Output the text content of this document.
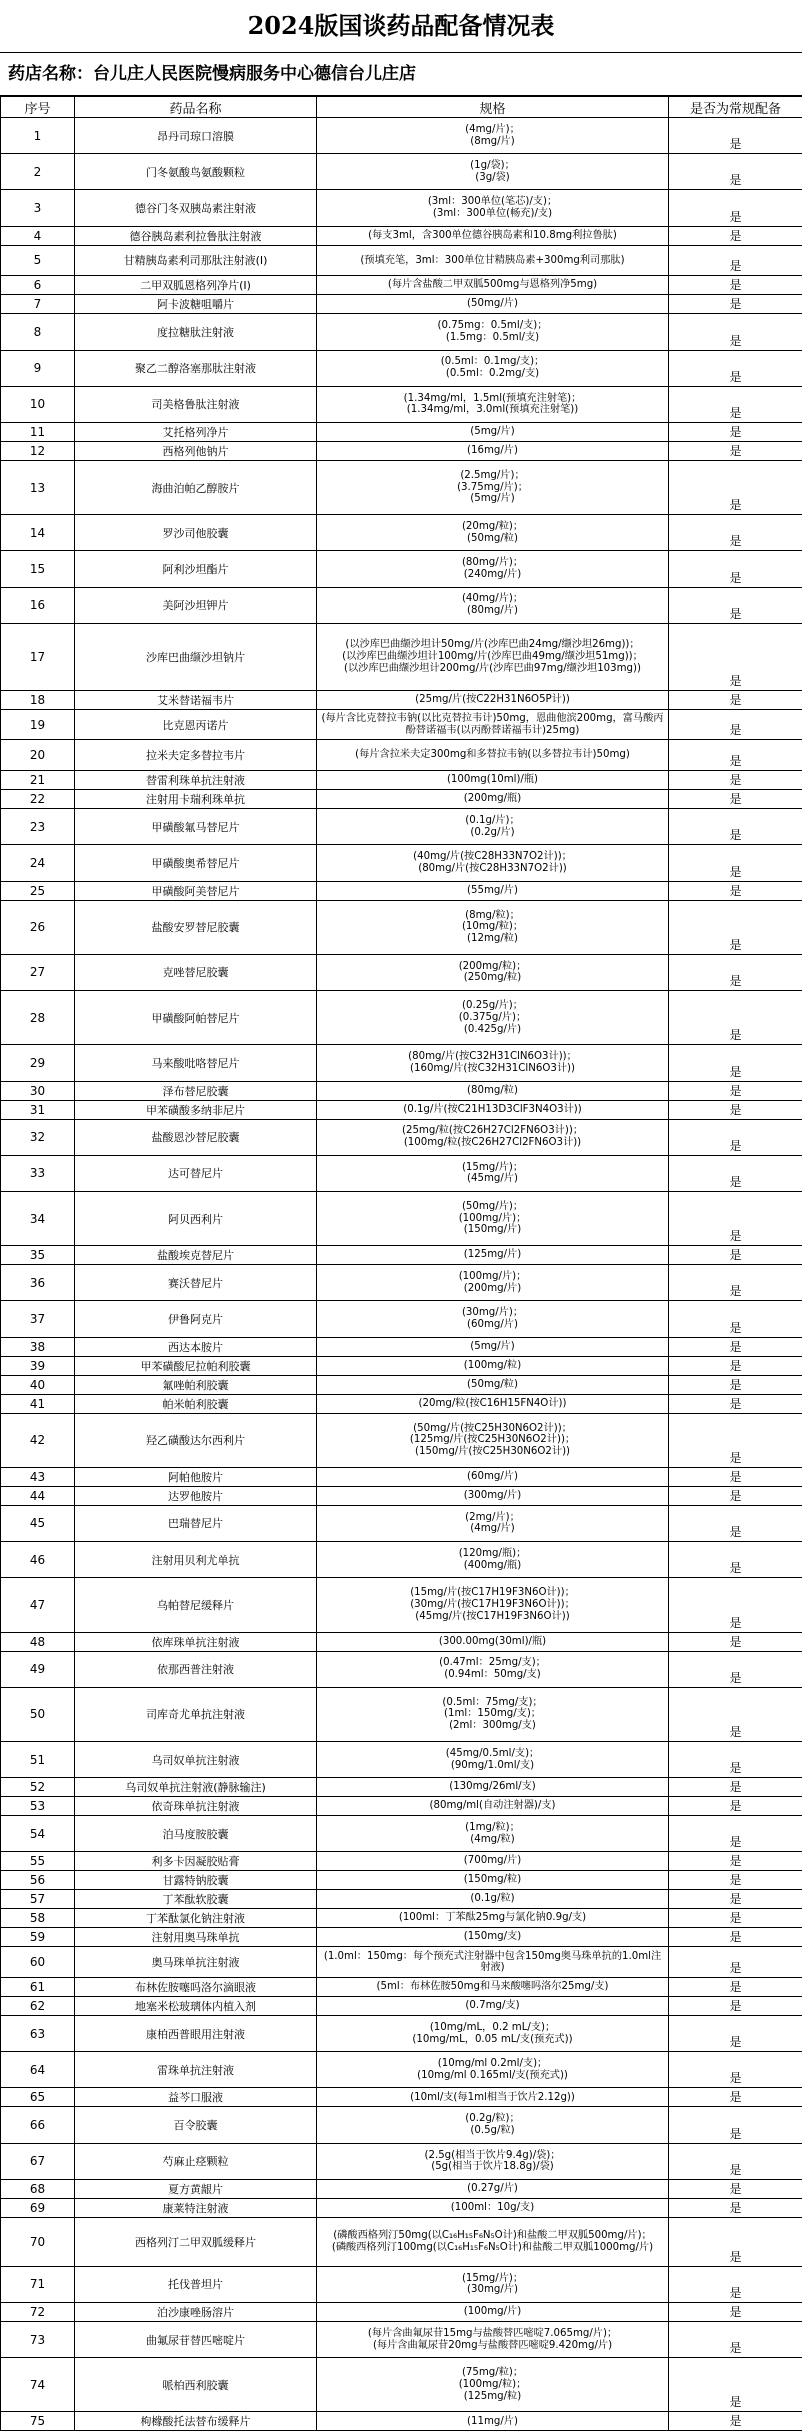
2024版国谈药品配备情况表
药店名称：台儿庄人民医院慢病服务中心德信台儿庄店
序号	药品名称	规格	是否为常规配备
1	昂丹司琼口溶膜	(4mg/片)；
(8mg/片)	是
2	门冬氨酸鸟氨酸颗粒	(1g/袋)；
(3g/袋)	是
3	德谷门冬双胰岛素注射液	(3ml：300单位(笔芯)/支)；
(3ml：300单位(畅充)/支)	是
4	德谷胰岛素利拉鲁肽注射液	(每支3ml，含300单位德谷胰岛素和10.8mg利拉鲁肽)	是
5	甘精胰岛素利司那肽注射液(Ⅰ)	(预填充笔，3ml：300单位甘精胰岛素+300mg利司那肽)	是
6	二甲双胍恩格列净片(Ⅰ)	(每片含盐酸二甲双胍500mg与恩格列净5mg)	是
7	阿卡波糖咀嚼片	(50mg/片)	是
8	度拉糖肽注射液	(0.75mg：0.5ml/支)；
(1.5mg：0.5ml/支)	是
9	聚乙二醇洛塞那肽注射液	(0.5ml：0.1mg/支)；
(0.5ml：0.2mg/支)	是
10	司美格鲁肽注射液	(1.34mg/ml，1.5ml(预填充注射笔)；
(1.34mg/ml，3.0ml(预填充注射笔))	是
11	艾托格列净片	(5mg/片)	是
12	西格列他钠片	(16mg/片)	是
13	海曲泊帕乙醇胺片	(2.5mg/片)；
(3.75mg/片)；
(5mg/片)	是
14	罗沙司他胶囊	(20mg/粒)；
(50mg/粒)	是
15	阿利沙坦酯片	(80mg/片)；
(240mg/片)	是
16	美阿沙坦钾片	(40mg/片)；
(80mg/片)	是
17	沙库巴曲缬沙坦钠片	(以沙库巴曲缬沙坦计50mg/片(沙库巴曲24mg/缬沙坦26mg))；
(以沙库巴曲缬沙坦计100mg/片(沙库巴曲49mg/缬沙坦51mg))；
(以沙库巴曲缬沙坦计200mg/片(沙库巴曲97mg/缬沙坦103mg))	是
18	艾米替诺福韦片	(25mg/片(按C22H31N6O5P计))	是
19	比克恩丙诺片	(每片含比克替拉韦钠(以比克替拉韦计)50mg，恩曲他滨200mg，富马酸丙酚替诺福韦(以丙酚替诺福韦计)25mg)	是
20	拉米夫定多替拉韦片	(每片含拉米夫定300mg和多替拉韦钠(以多替拉韦计)50mg)	是
21	替雷利珠单抗注射液	(100mg(10ml)/瓶)	是
22	注射用卡瑞利珠单抗	(200mg/瓶)	是
23	甲磺酸氟马替尼片	(0.1g/片)；
(0.2g/片)	是
24	甲磺酸奥希替尼片	(40mg/片(按C28H33N7O2计))；
(80mg/片(按C28H33N7O2计))	是
25	甲磺酸阿美替尼片	(55mg/片)	是
26	盐酸安罗替尼胶囊	(8mg/粒)；
(10mg/粒)；
(12mg/粒)	是
27	克唑替尼胶囊	(200mg/粒)；
(250mg/粒)	是
28	甲磺酸阿帕替尼片	(0.25g/片)；
(0.375g/片)；
(0.425g/片)	是
29	马来酸吡咯替尼片	(80mg/片(按C32H31ClN6O3计))；
(160mg/片(按C32H31ClN6O3计))	是
30	泽布替尼胶囊	(80mg/粒)	是
31	甲苯磺酸多纳非尼片	(0.1g/片(按C21H13D3ClF3N4O3计))	是
32	盐酸恩沙替尼胶囊	(25mg/粒(按C26H27Cl2FN6O3计))；
(100mg/粒(按C26H27Cl2FN6O3计))	是
33	达可替尼片	(15mg/片)；
(45mg/片)	是
34	阿贝西利片	(50mg/片)；
(100mg/片)；
(150mg/片)	是
35	盐酸埃克替尼片	(125mg/片)	是
36	赛沃替尼片	(100mg/片)；
(200mg/片)	是
37	伊鲁阿克片	(30mg/片)；
(60mg/片)	是
38	西达本胺片	(5mg/片)	是
39	甲苯磺酸尼拉帕利胶囊	(100mg/粒)	是
40	氟唑帕利胶囊	(50mg/粒)	是
41	帕米帕利胶囊	(20mg/粒(按C16H15FN4O计))	是
42	羟乙磺酸达尔西利片	(50mg/片(按C25H30N6O2计))；
(125mg/片(按C25H30N6O2计))；
(150mg/片(按C25H30N6O2计))	是
43	阿帕他胺片	(60mg/片)	是
44	达罗他胺片	(300mg/片)	是
45	巴瑞替尼片	(2mg/片)；
(4mg/片)	是
46	注射用贝利尤单抗	(120mg/瓶)；
(400mg/瓶)	是
47	乌帕替尼缓释片	(15mg/片(按C17H19F3N6O计))；
(30mg/片(按C17H19F3N6O计))；
(45mg/片(按C17H19F3N6O计))	是
48	依库珠单抗注射液	(300.00mg(30ml)/瓶)	是
49	依那西普注射液	(0.47ml：25mg/支)；
(0.94ml：50mg/支)	是
50	司库奇尤单抗注射液	(0.5ml：75mg/支)；
(1ml：150mg/支)；
(2ml：300mg/支)	是
51	乌司奴单抗注射液	(45mg/0.5ml/支)；
(90mg/1.0ml/支)	是
52	乌司奴单抗注射液(静脉输注)	(130mg/26ml/支)	是
53	依奇珠单抗注射液	(80mg/ml(自动注射器)/支)	是
54	泊马度胺胶囊	(1mg/粒)；
(4mg/粒)	是
55	利多卡因凝胶贴膏	(700mg/片)	是
56	甘露特钠胶囊	(150mg/粒)	是
57	丁苯酞软胶囊	(0.1g/粒)	是
58	丁苯酞氯化钠注射液	(100ml：丁苯酞25mg与氯化钠0.9g/支)	是
59	注射用奥马珠单抗	(150mg/支)	是
60	奥马珠单抗注射液	(1.0ml：150mg：每个预充式注射器中包含150mg奥马珠单抗的1.0ml注射液)	是
61	布林佐胺噻吗洛尔滴眼液	(5ml：布林佐胺50mg和马来酸噻吗洛尔25mg/支)	是
62	地塞米松玻璃体内植入剂	(0.7mg/支)	是
63	康柏西普眼用注射液	(10mg/mL，0.2 mL/支)；
(10mg/mL，0.05 mL/支(预充式))	是
64	雷珠单抗注射液	(10mg/ml 0.2ml/支)；
(10mg/ml 0.165ml/支(预充式))	是
65	益芩口服液	(10ml/支(每1ml相当于饮片2.12g))	是
66	百令胶囊	(0.2g/粒)；
(0.5g/粒)	是
67	芍麻止痉颗粒	(2.5g(相当于饮片9.4g)/袋)；
(5g(相当于饮片18.8g)/袋)	是
68	夏方黄龈片	(0.27g/片)	是
69	康莱特注射液	(100ml：10g/支)	是
70	西格列汀二甲双胍缓释片	(磷酸西格列汀50mg(以C₁₆H₁₅F₆N₅O计)和盐酸二甲双胍500mg/片)；
(磷酸西格列汀100mg(以C₁₆H₁₅F₆N₅O计)和盐酸二甲双胍1000mg/片)	是
71	托伐普坦片	(15mg/片)；
(30mg/片)	是
72	泊沙康唑肠溶片	(100mg/片)	是
73	曲氟尿苷替匹嘧啶片	(每片含曲氟尿苷15mg与盐酸替匹嘧啶7.065mg/片)；
(每片含曲氟尿苷20mg与盐酸替匹嘧啶9.420mg/片)	是
74	哌柏西利胶囊	(75mg/粒)；
(100mg/粒)；
(125mg/粒)	是
75	枸橼酸托法替布缓释片	(11mg/片)	是
